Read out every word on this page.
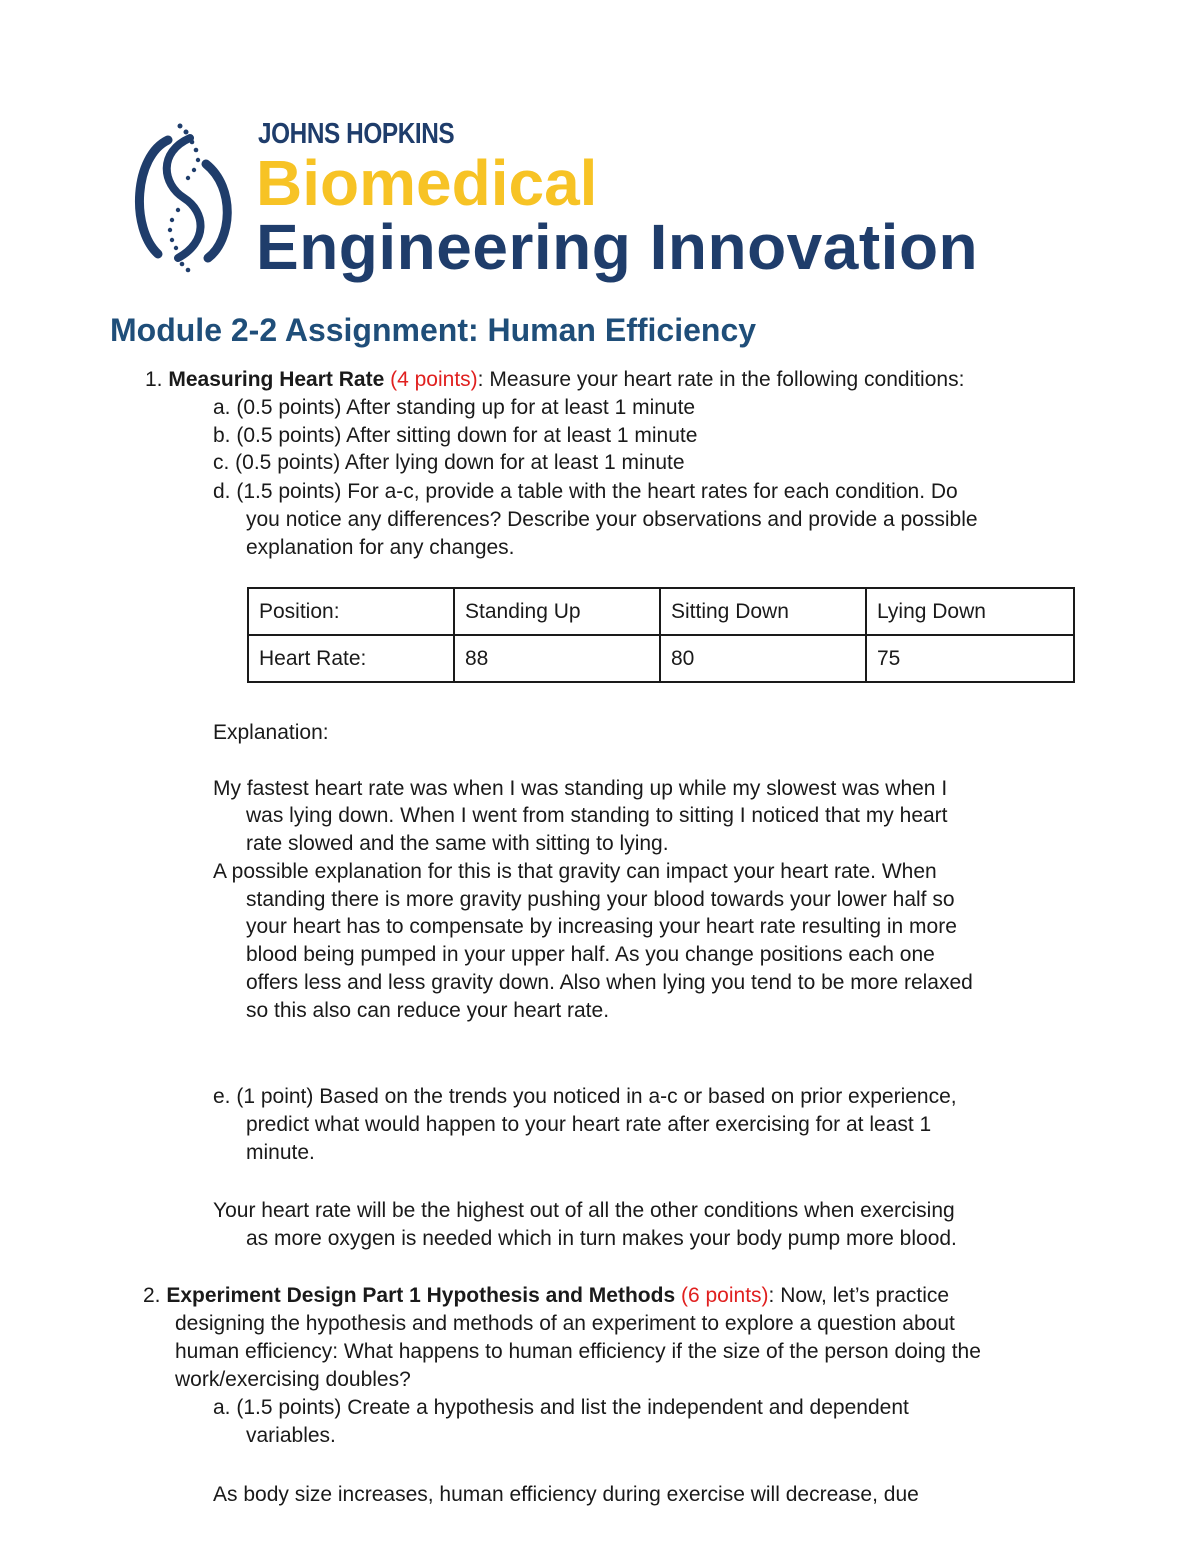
JOHNS HOPKINS
Biomedical
Engineering Innovation
Module 2-2 Assignment: Human Efficiency
1. Measuring Heart Rate (4 points): Measure your heart rate in the following conditions:
a. (0.5 points) After standing up for at least 1 minute
b. (0.5 points) After sitting down for at least 1 minute
c. (0.5 points) After lying down for at least 1 minute
d. (1.5 points) For a-c, provide a table with the heart rates for each condition. Do
you notice any differences? Describe your observations and provide a possible
explanation for any changes.
Position:	Standing Up	Sitting Down	Lying Down
Heart Rate:	88	80	75
Explanation:
My fastest heart rate was when I was standing up while my slowest was when I
was lying down. When I went from standing to sitting I noticed that my heart
rate slowed and the same with sitting to lying.
A possible explanation for this is that gravity can impact your heart rate. When
standing there is more gravity pushing your blood towards your lower half so
your heart has to compensate by increasing your heart rate resulting in more
blood being pumped in your upper half. As you change positions each one
offers less and less gravity down. Also when lying you tend to be more relaxed
so this also can reduce your heart rate.
e. (1 point) Based on the trends you noticed in a-c or based on prior experience,
predict what would happen to your heart rate after exercising for at least 1
minute.
Your heart rate will be the highest out of all the other conditions when exercising
as more oxygen is needed which in turn makes your body pump more blood.
2. Experiment Design Part 1 Hypothesis and Methods (6 points): Now, let’s practice
designing the hypothesis and methods of an experiment to explore a question about
human efficiency: What happens to human efficiency if the size of the person doing the
work/exercising doubles?
a. (1.5 points) Create a hypothesis and list the independent and dependent
variables.
As body size increases, human efficiency during exercise will decrease, due
